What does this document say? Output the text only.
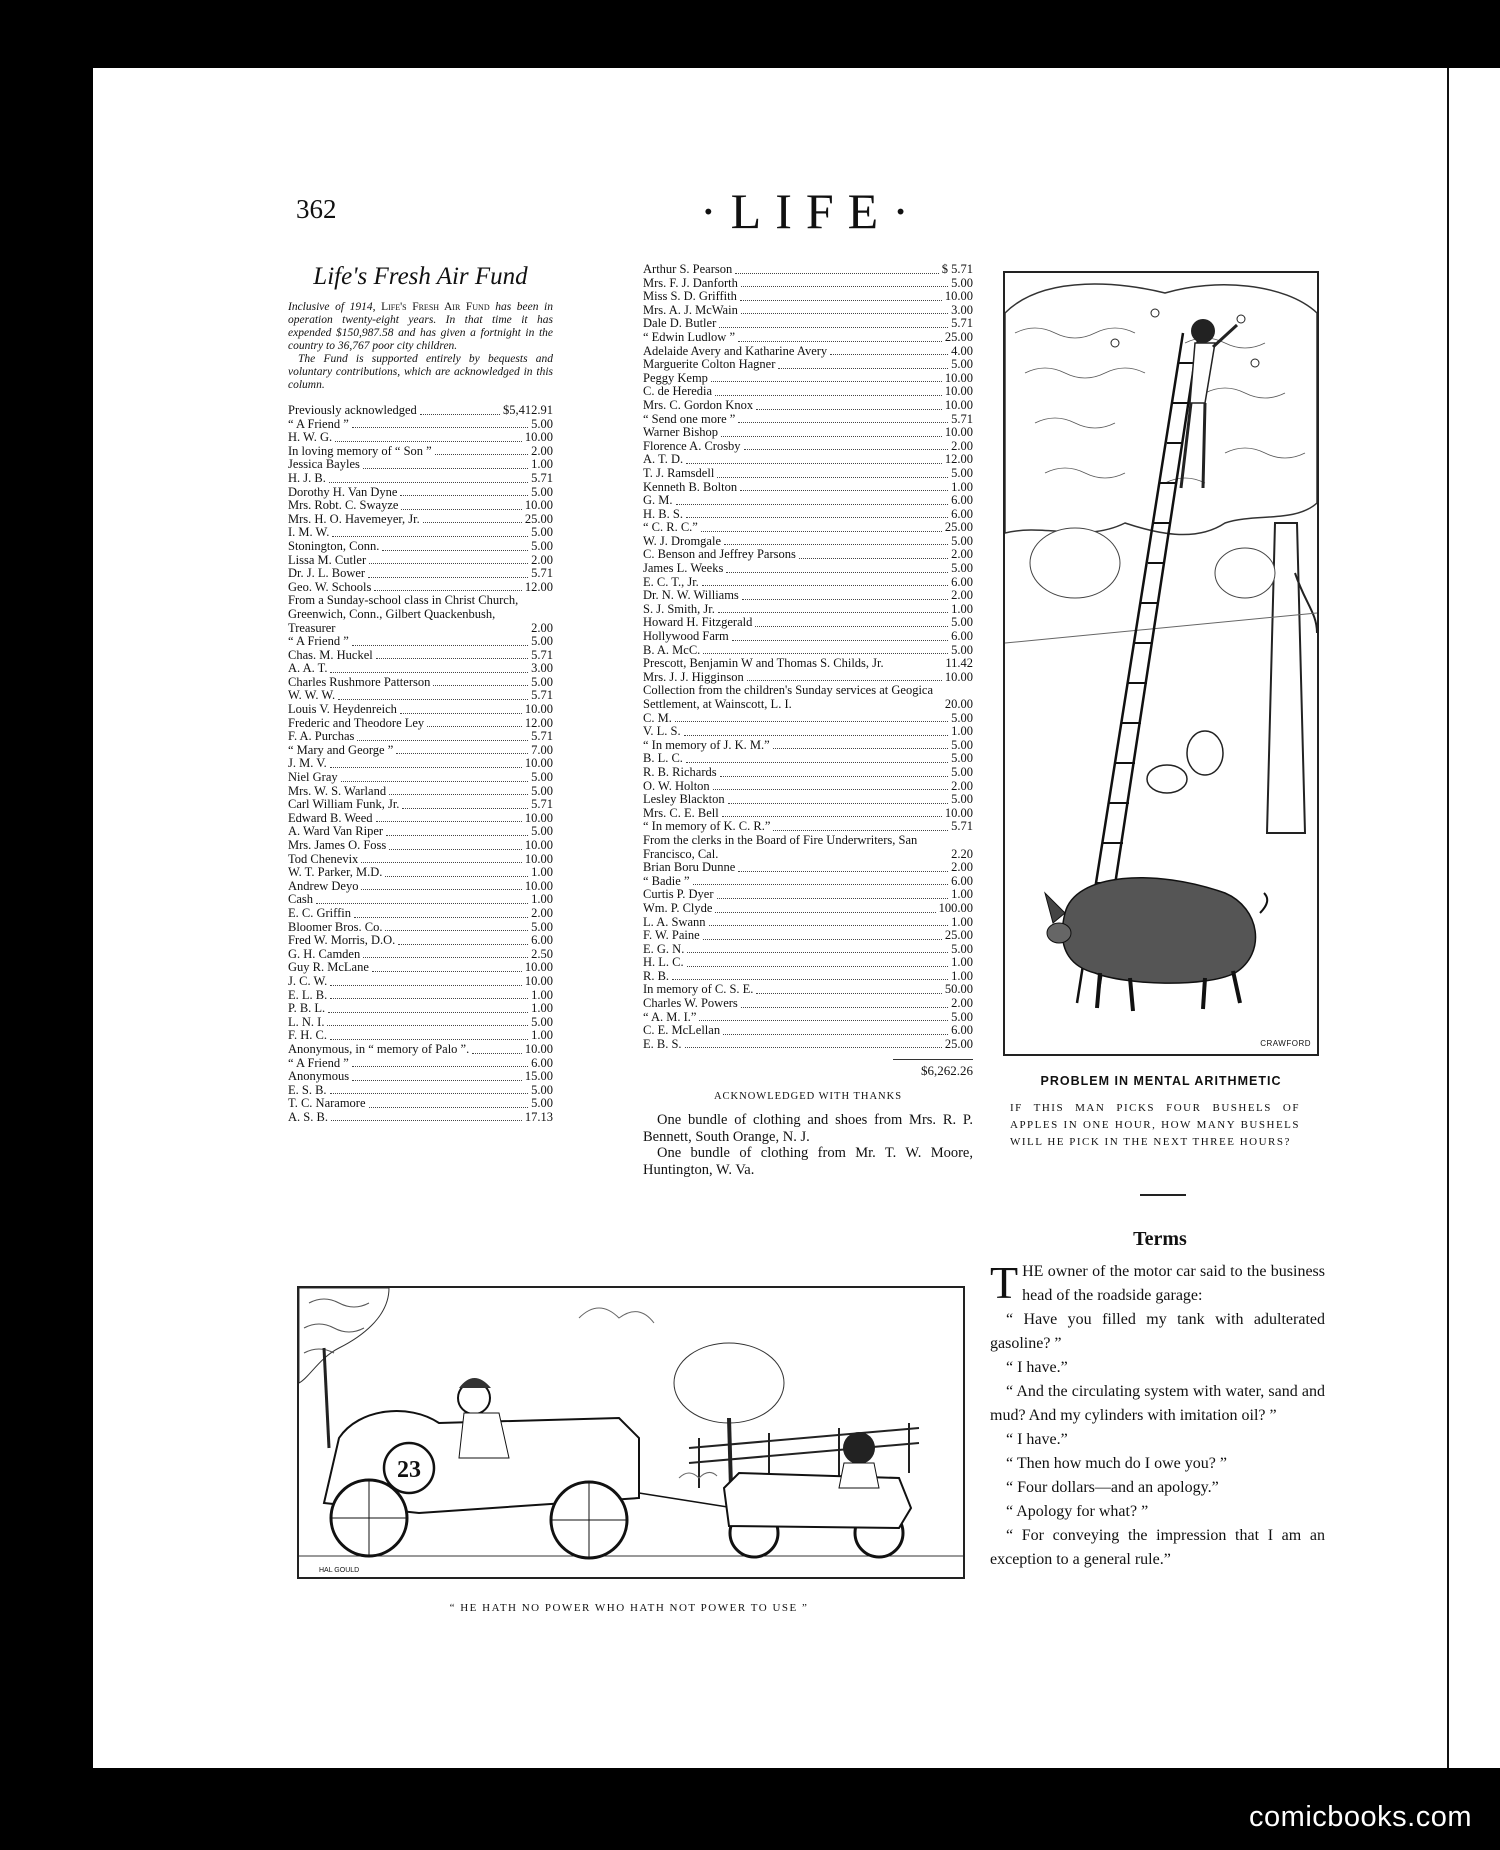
362	·LIFE·
Life's Fresh Air Fund

Inclusive of 1914, Life's Fresh Air Fund has been in operation twenty-eight years. In that time it has expended $150,987.58 and has given a fortnight in the country to 36,767 poor city children.

The Fund is supported entirely by bequests and voluntary contributions, which are acknowledged in this column.

Previously acknowledged	$5,412.91
“ A Friend ”	5.00
H. W. G.	10.00
In loving memory of “ Son ”	2.00
Jessica Bayles	1.00
H. J. B.	5.71
Dorothy H. Van Dyne	5.00
Mrs. Robt. C. Swayze	10.00
Mrs. H. O. Havemeyer, Jr.	25.00
I. M. W.	5.00
Stonington, Conn.	5.00
Lissa M. Cutler	2.00
Dr. J. L. Bower	5.71
Geo. W. Schools	12.00
From a Sunday-school class in Christ Church, Greenwich, Conn., Gilbert Quackenbush, Treasurer	2.00
“ A Friend ”	5.00
Chas. M. Huckel	5.71
A. A. T.	3.00
Charles Rushmore Patterson	5.00
W. W. W.	5.71
Louis V. Heydenreich	10.00
Frederic and Theodore Ley	12.00
F. A. Purchas	5.71
“ Mary and George ”	7.00
J. M. V.	10.00
Niel Gray	5.00
Mrs. W. S. Warland	5.00
Carl William Funk, Jr.	5.71
Edward B. Weed	10.00
A. Ward Van Riper	5.00
Mrs. James O. Foss	10.00
Tod Chenevix	10.00
W. T. Parker, M.D.	1.00
Andrew Deyo	10.00
Cash	1.00
E. C. Griffin	2.00
Bloomer Bros. Co.	5.00
Fred W. Morris, D.O.	6.00
G. H. Camden	2.50
Guy R. McLane	10.00
J. C. W.	10.00
E. L. B.	1.00
P. B. L.	1.00
L. N. I.	5.00
F. H. C.	1.00
Anonymous, in “ memory of Palo ”.	10.00
“ A Friend ”	6.00
Anonymous	15.00
E. S. B.	5.00
T. C. Naramore	5.00
A. S. B.	17.13
Arthur S. Pearson	$ 5.71
Mrs. F. J. Danforth	5.00
Miss S. D. Griffith	10.00
Mrs. A. J. McWain	3.00
Dale D. Butler	5.71
“ Edwin Ludlow ”	25.00
Adelaide Avery and Katharine Avery	4.00
Marguerite Colton Hagner	5.00
Peggy Kemp	10.00
C. de Heredia	10.00
Mrs. C. Gordon Knox	10.00
“ Send one more ”	5.71
Warner Bishop	10.00
Florence A. Crosby	2.00
A. T. D.	12.00
T. J. Ramsdell	5.00
Kenneth B. Bolton	1.00
G. M.	6.00
H. B. S.	6.00
“ C. R. C.”	25.00
W. J. Dromgale	5.00
C. Benson and Jeffrey Parsons	2.00
James L. Weeks	5.00
E. C. T., Jr.	6.00
Dr. N. W. Williams	2.00
S. J. Smith, Jr.	1.00
Howard H. Fitzgerald	5.00
Hollywood Farm	6.00
B. A. McC.	5.00
Prescott, Benjamin W and Thomas S. Childs, Jr.	11.42
Mrs. J. J. Higginson	10.00
Collection from the children's Sunday services at Geogica Settlement, at Wainscott, L. I.	20.00
C. M.	5.00
V. L. S.	1.00
“ In memory of J. K. M.”	5.00
B. L. C.	5.00
R. B. Richards	5.00
O. W. Holton	2.00
Lesley Blackton	5.00
Mrs. C. E. Bell	10.00
“ In memory of K. C. R.”	5.71
From the clerks in the Board of Fire Underwriters, San Francisco, Cal.	2.20
Brian Boru Dunne	2.00
“ Badie ”	6.00
Curtis P. Dyer	1.00
Wm. P. Clyde	100.00
L. A. Swann	1.00
F. W. Paine	25.00
E. G. N.	5.00
H. L. C.	1.00
R. B.	1.00
In memory of C. S. E.	50.00
Charles W. Powers	2.00
“ A. M. I.”	5.00
C. E. McLellan	6.00
E. B. S.	25.00
$6,262.26
ACKNOWLEDGED WITH THANKS

One bundle of clothing and shoes from Mrs. R. P. Bennett, South Orange, N. J.

One bundle of clothing from Mr. T. W. Moore, Huntington, W. Va.

CRAWFORD
PROBLEM IN MENTAL ARITHMETIC
IF THIS MAN PICKS FOUR BUSHELS OF APPLES IN ONE HOUR, HOW MANY BUSHELS WILL HE PICK IN THE NEXT THREE HOURS?
Terms

THE owner of the motor car said to the business head of the roadside garage:

“ Have you filled my tank with adulterated gasoline? ”

“ I have.”

“ And the circulating system with water, sand and mud? And my cylinders with imitation oil? ”

“ I have.”

“ Then how much do I owe you? ”

“ Four dollars—and an apology.”

“ Apology for what? ”

“ For conveying the impression that I am an exception to a general rule.”

23
HAL GOULD
“ HE HATH NO POWER WHO HATH NOT POWER TO USE ”
comicbooks.com
